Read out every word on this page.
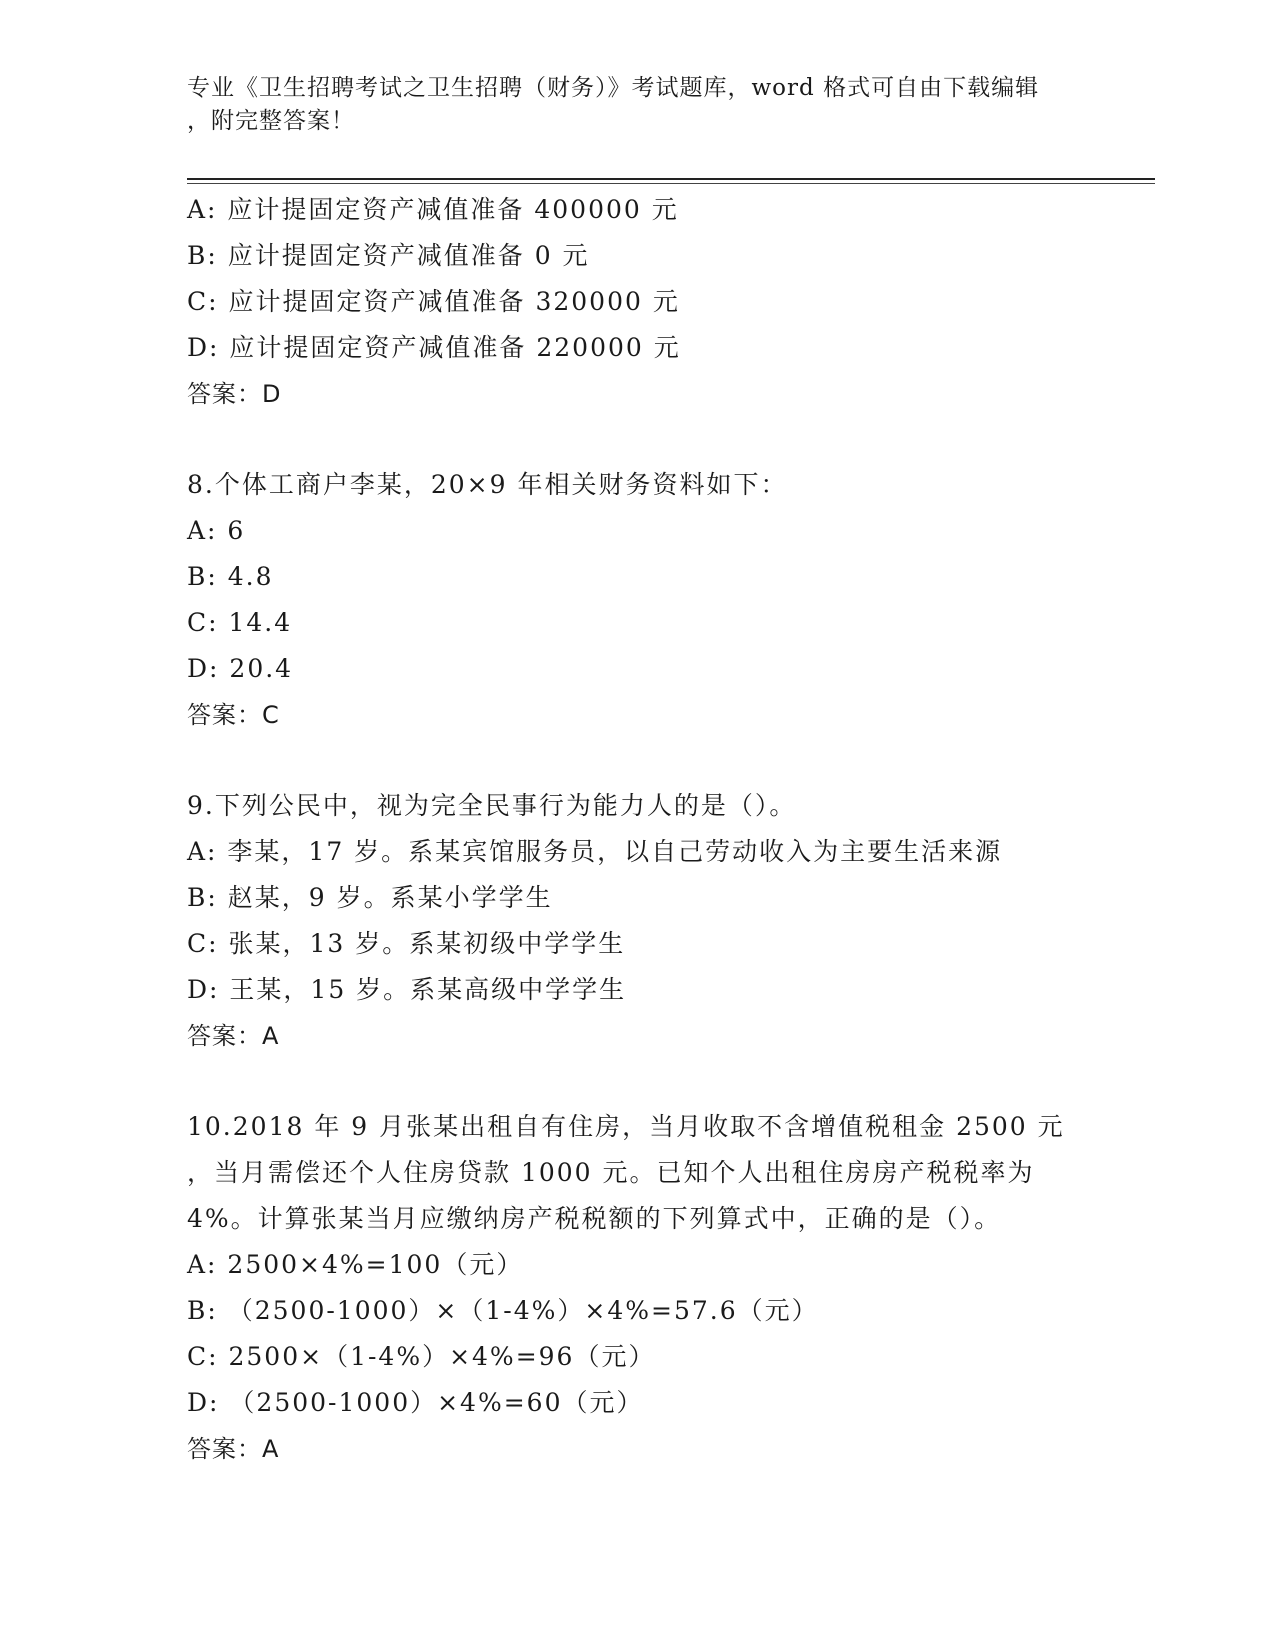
专业《卫生招聘考试之卫生招聘（财务）》考试题库，word 格式可自由下载编辑
，附完整答案！
A: 应计提固定资产减值准备 400000 元
B: 应计提固定资产减值准备 0 元
C: 应计提固定资产减值准备 320000 元
D: 应计提固定资产减值准备 220000 元
答案：D
8.个体工商户李某，20×9 年相关财务资料如下：
A: 6
B: 4.8
C: 14.4
D: 20.4
答案：C
9.下列公民中，视为完全民事行为能力人的是（）。
A: 李某，17 岁。系某宾馆服务员，以自己劳动收入为主要生活来源
B: 赵某，9 岁。系某小学学生
C: 张某，13 岁。系某初级中学学生
D: 王某，15 岁。系某高级中学学生
答案：A
10.2018 年 9 月张某出租自有住房，当月收取不含增值税租金 2500 元
，当月需偿还个人住房贷款 1000 元。已知个人出租住房房产税税率为
4%。计算张某当月应缴纳房产税税额的下列算式中，正确的是（）。
A: 2500×4%=100（元）
B: （2500-1000）×（1-4%）×4%=57.6（元）
C: 2500×（1-4%）×4%=96（元）
D: （2500-1000）×4%=60（元）
答案：A
